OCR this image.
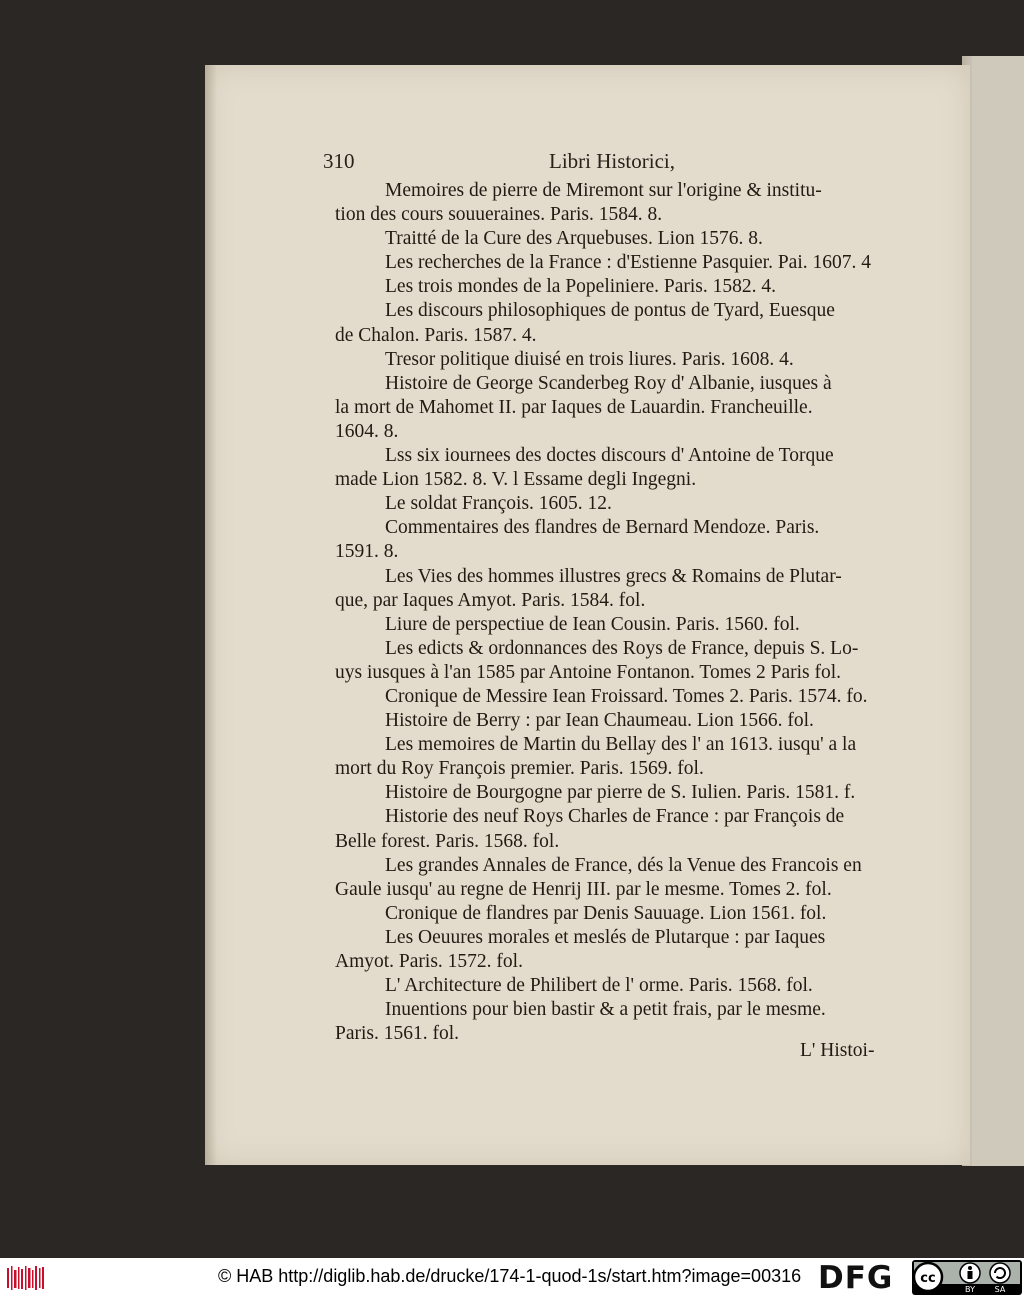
310	Libri Historici,

Memoires de pierre de Miremont sur l'origine & institu-
tion des cours souueraines. Paris. 1584. 8.

Traitté de la Cure des Arquebuses. Lion 1576. 8.

Les recherches de la France : d'Estienne Pasquier. Pai. 1607. 4

Les trois mondes de la Popeliniere. Paris. 1582. 4.

Les discours philosophiques de pontus de Tyard, Euesque
de Chalon. Paris. 1587. 4.

Tresor politique diuisé en trois liures. Paris. 1608. 4.

Histoire de George Scanderbeg Roy d' Albanie, iusques à
la mort de Mahomet II. par Iaques de Lauardin. Francheuille.
1604. 8.

Lss six iournees des doctes discours d' Antoine de Torque
made Lion 1582. 8. V. l Essame degli Ingegni.

Le soldat François. 1605. 12.

Commentaires des flandres de Bernard Mendoze. Paris.
1591. 8.

Les Vies des hommes illustres grecs & Romains de Plutar-
que, par Iaques Amyot. Paris. 1584. fol.

Liure de perspectiue de Iean Cousin. Paris. 1560. fol.

Les edicts & ordonnances des Roys de France, depuis S. Lo-
uys iusques à l'an 1585 par Antoine Fontanon. Tomes 2 Paris fol.

Cronique de Messire Iean Froissard. Tomes 2. Paris. 1574. fo.

Histoire de Berry : par Iean Chaumeau. Lion 1566. fol.

Les memoires de Martin du Bellay des l' an 1613. iusqu' a la
mort du Roy François premier. Paris. 1569. fol.

Histoire de Bourgogne par pierre de S. Iulien. Paris. 1581. f.

Historie des neuf Roys Charles de France : par François de
Belle forest. Paris. 1568. fol.

Les grandes Annales de France, dés la Venue des Francois en
Gaule iusqu' au regne de Henrij III. par le mesme. Tomes 2. fol.

Cronique de flandres par Denis Sauuage. Lion 1561. fol.

Les Oeuures morales et meslés de Plutarque : par Iaques
Amyot. Paris. 1572. fol.

L' Architecture de Philibert de l' orme. Paris. 1568. fol.

Inuentions pour bien bastir & a petit frais, par le mesme.
Paris. 1561. fol.

L' Histoi-
© HAB http://diglib.hab.de/drucke/174-1-quod-1s/start.htm?image=00316 DFG	cc
BY SA
